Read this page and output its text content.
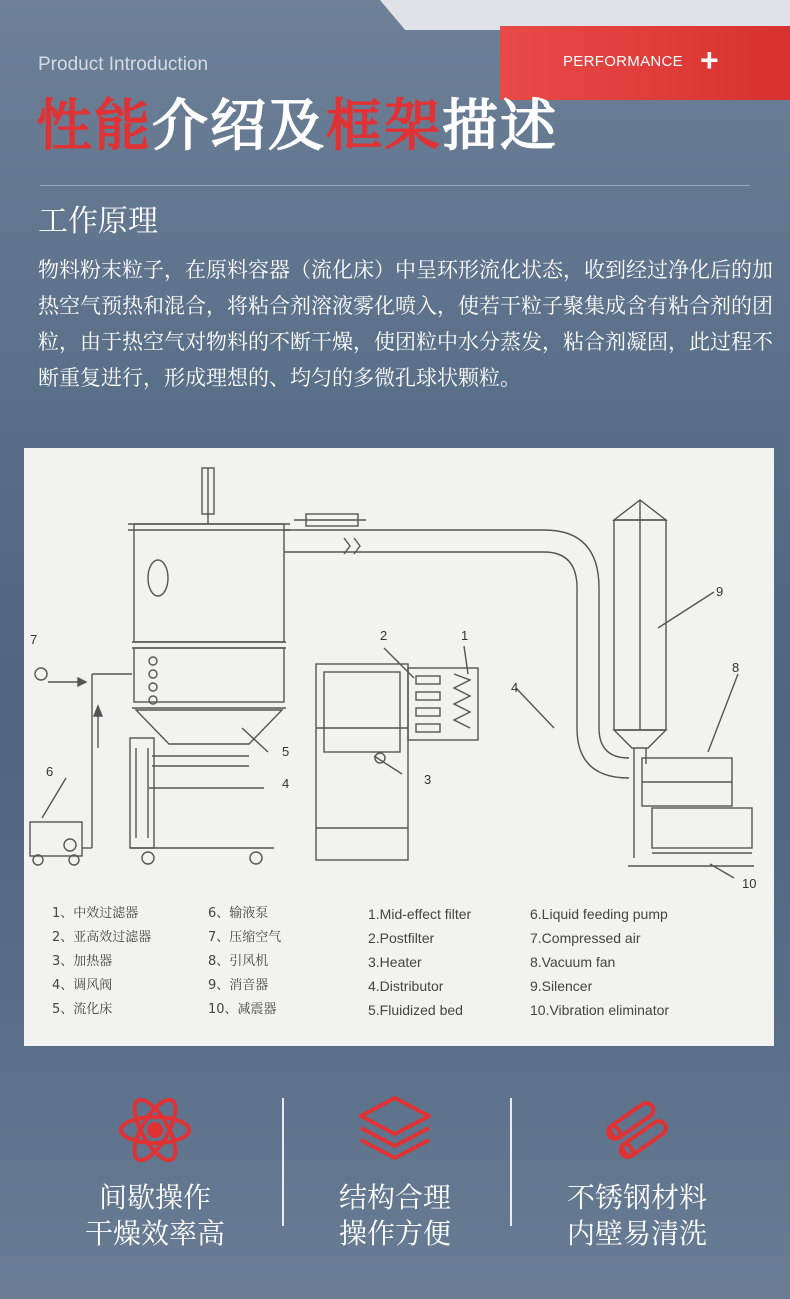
PERFORMANCE +
Product Introduction
性能介绍及框架描述
工作原理
物料粉末粒子，在原料容器（流化床）中呈环形流化状态，收到经过净化后的加热空气预热和混合，将粘合剂溶液雾化喷入，使若干粒子聚集成含有粘合剂的团粒，由于热空气对物料的不断干燥，使团粒中水分蒸发，粘合剂凝固，此过程不断重复进行，形成理想的、均匀的多微孔球状颗粒。
2	1
4
3
5
4
9
8
10
7
6
1、中效过滤器
2、亚高效过滤器
3、加热器
4、调风阀
5、流化床
6、输液泵
7、压缩空气
8、引风机
9、消音器
10、减震器
1.Mid-effect filter
2.Postfilter
3.Heater
4.Distributor
5.Fluidized bed
6.Liquid feeding pump
7.Compressed air
8.Vacuum fan
9.Silencer
10.Vibration eliminator
间歇操作
干燥效率高
结构合理
操作方便
不锈钢材料
内壁易清洗
